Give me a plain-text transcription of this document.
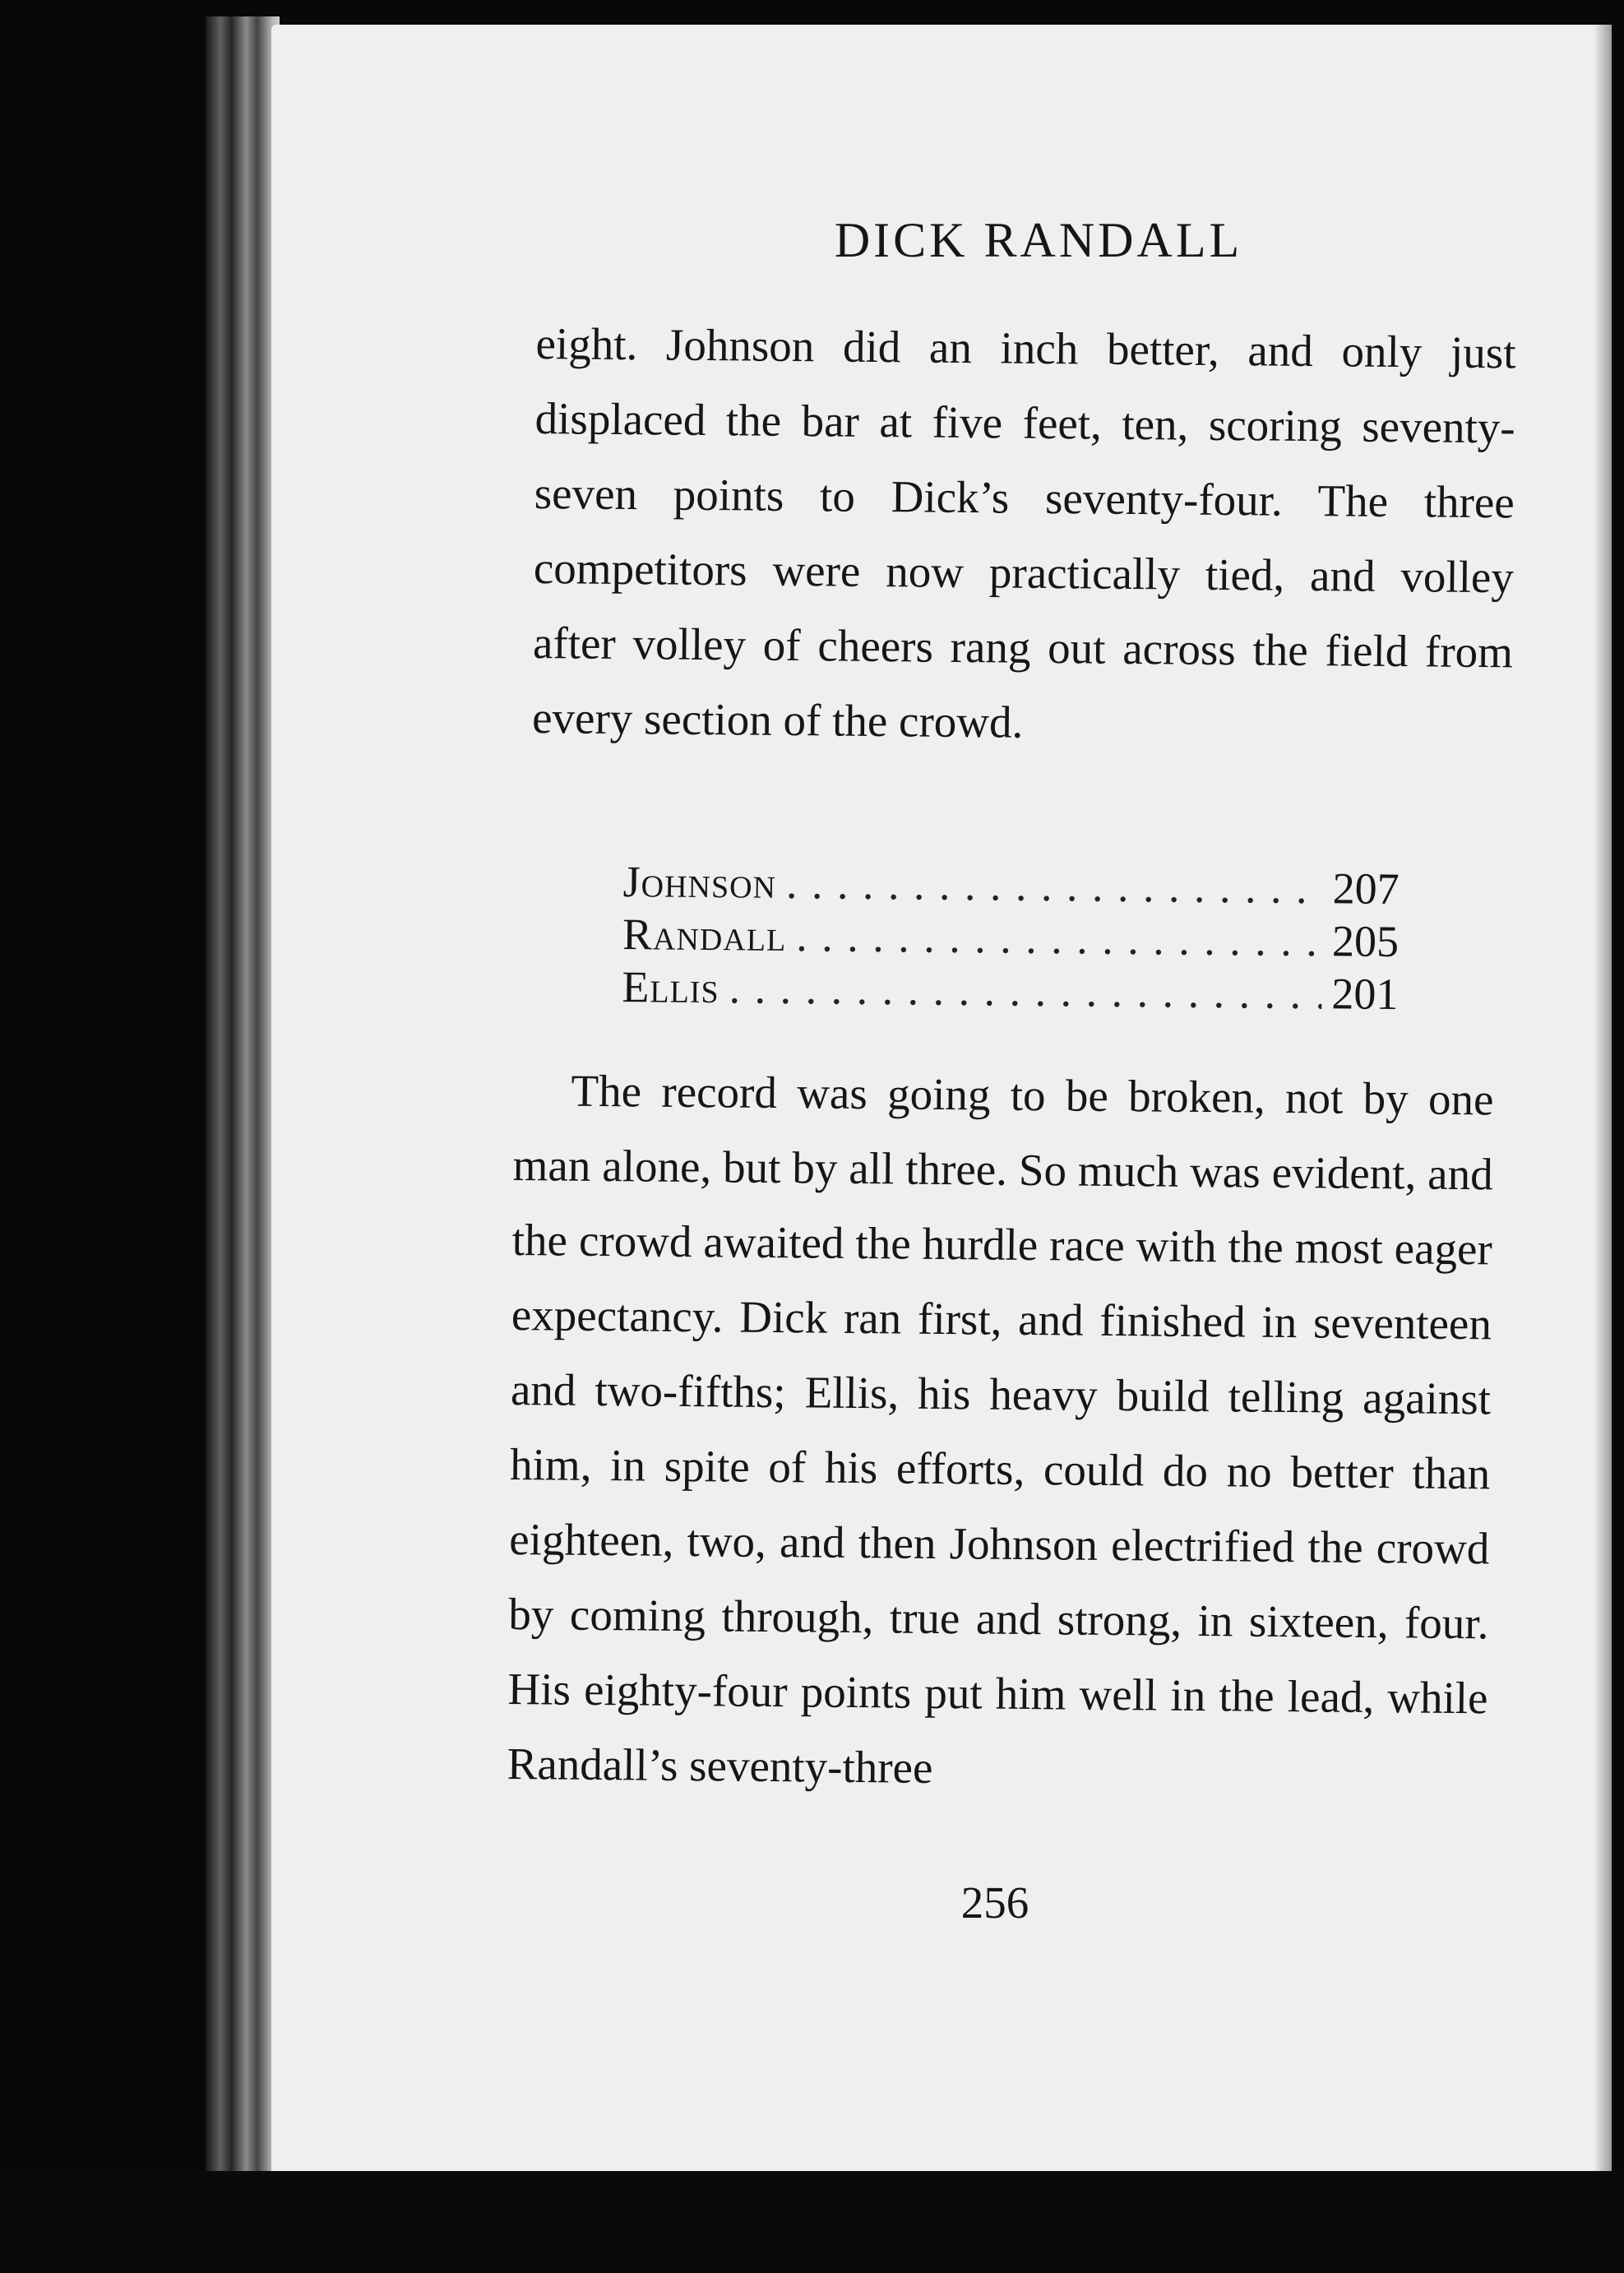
DICK RANDALL
eight. Johnson did an inch better, and only just displaced the bar at five feet, ten, scoring seventy-seven points to Dick’s seventy-four. The three competitors were now practically tied, and volley after volley of cheers rang out across the field from every section of the crowd.
Johnson . . .	207
Randall . . .	205
Ellis . . .	201
The record was going to be broken, not by one man alone, but by all three. So much was evident, and the crowd awaited the hurdle race with the most eager expectancy. Dick ran first, and finished in seventeen and two-fifths; Ellis, his heavy build telling against him, in spite of his efforts, could do no better than eighteen, two, and then Johnson electrified the crowd by coming through, true and strong, in sixteen, four. His eighty-four points put him well in the lead, while Randall’s seventy-three
256
